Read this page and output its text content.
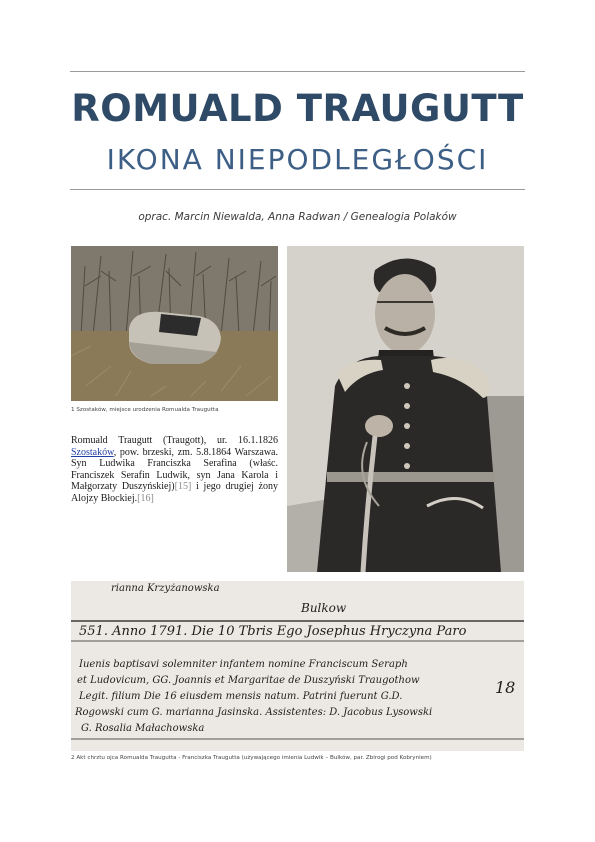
ROMUALD TRAUGUTT
IKONA NIEPODLEGŁOŚCI
oprac. Marcin Niewalda, Anna Radwan / Genealogia Polaków
1 Szostaków, miejsce urodzenia Romualda Traugutta
Romuald Traugutt (Traugott), ur. 16.1.1826 Szostaków, pow. brzeski, zm. 5.8.1864 Warszawa. Syn Ludwika Franciszka Serafina (właśc. Franciszek Serafin Ludwik, syn Jana Karola i Małgorzaty Duszyńskiej)[15] i jego drugiej żony Alojzy Błockiej.[16]
rianna Krzyżanowska
Bulkow
551. Anno 1791. Die 10 Tbris Ego Josephus Hryczyna Paro
Iuenis baptisavi solemniter infantem nomine Franciscum Seraph
et Ludovicum, GG. Joannis et Margaritae de Duszyński Traugothow
Legit. filium Die 16 eiusdem mensis natum. Patrini fuerunt G.D.
Rogowski cum G. marianna Jasinska. Assistentes: D. Jacobus Lysowski
G. Rosalia Małachowska
18
2 Akt chrztu ojca Romualda Traugutta - Franciszka Traugutta (używającego imienia Ludwik – Bulków, par. Zbirogi pod Kobryniem)
